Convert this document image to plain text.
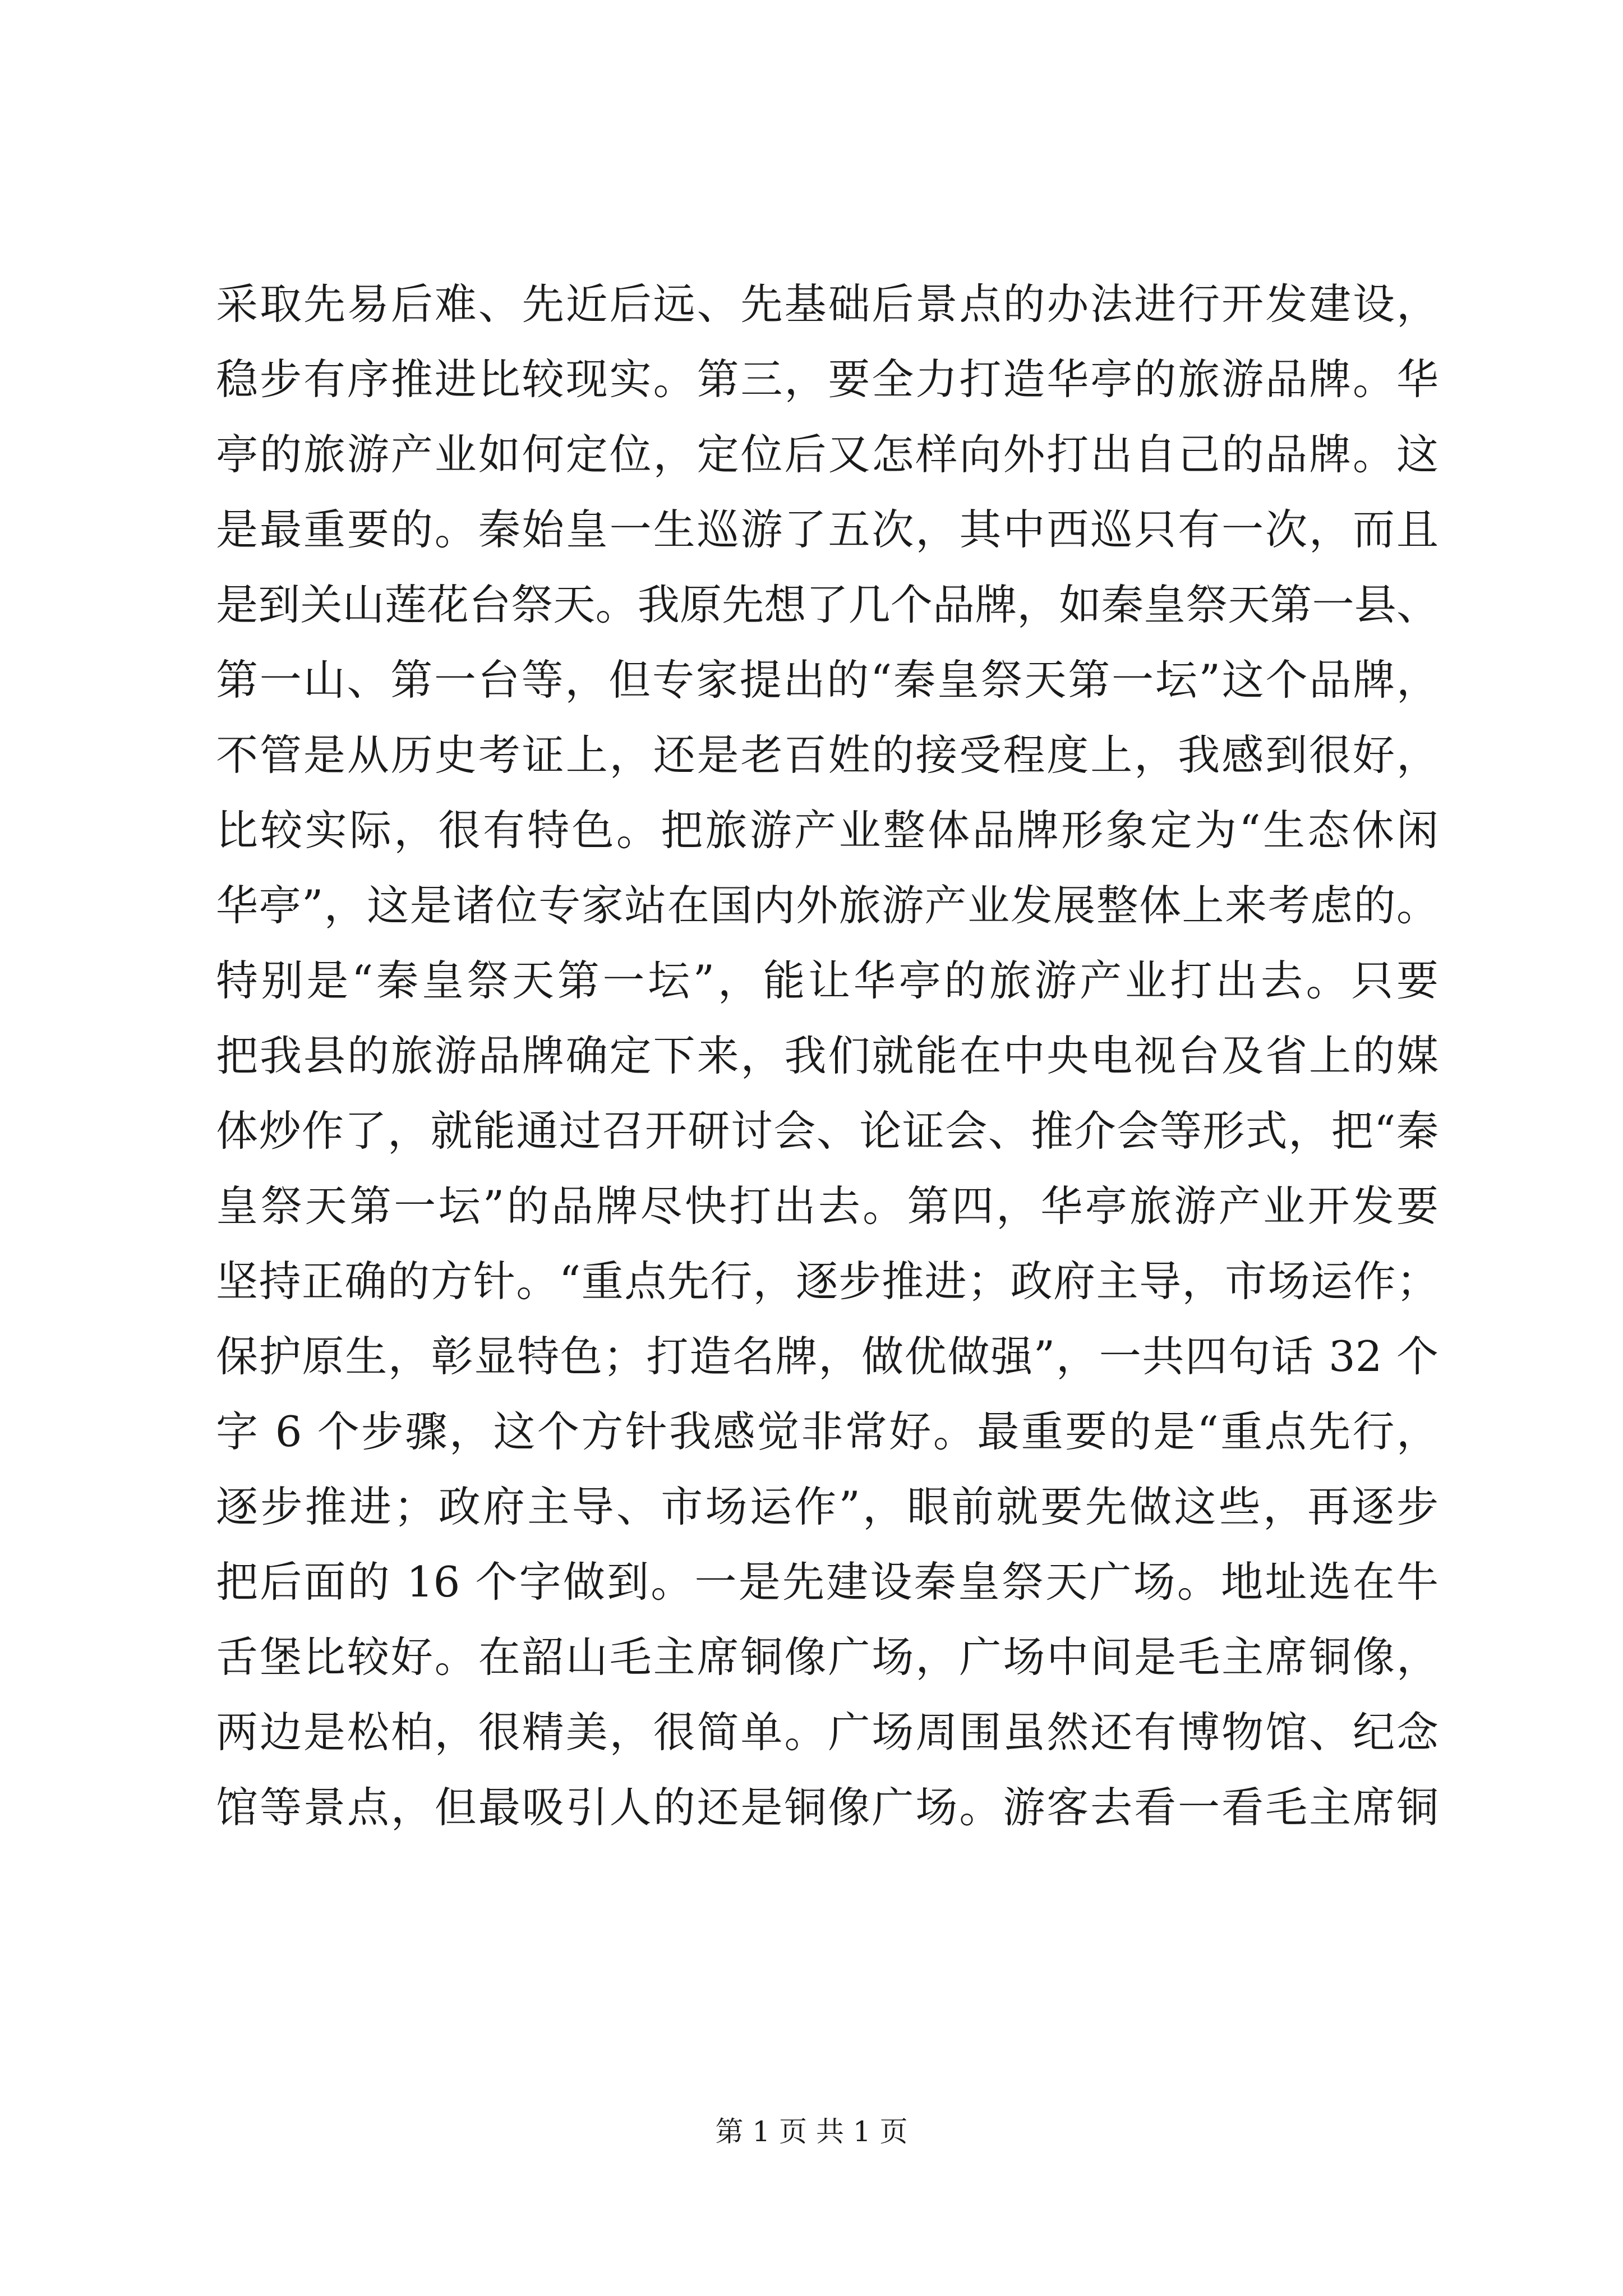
采取先易后难、先近后远、先基础后景点的办法进行开发建设，
稳步有序推进比较现实。第三，要全力打造华亭的旅游品牌。华
亭的旅游产业如何定位，定位后又怎样向外打出自己的品牌。这
是最重要的。秦始皇一生巡游了五次，其中西巡只有一次，而且
是到关山莲花台祭天。我原先想了几个品牌，如秦皇祭天第一县、
第一山、第一台等，但专家提出的“秦皇祭天第一坛”这个品牌，
不管是从历史考证上，还是老百姓的接受程度上，我感到很好，
比较实际，很有特色。把旅游产业整体品牌形象定为“生态休闲
华亭”，这是诸位专家站在国内外旅游产业发展整体上来考虑的。
特别是“秦皇祭天第一坛”，能让华亭的旅游产业打出去。只要
把我县的旅游品牌确定下来，我们就能在中央电视台及省上的媒
体炒作了，就能通过召开研讨会、论证会、推介会等形式，把“秦
皇祭天第一坛”的品牌尽快打出去。第四，华亭旅游产业开发要
坚持正确的方针。“重点先行，逐步推进；政府主导，市场运作；
保护原生，彰显特色；打造名牌，做优做强”，一共四句话 32 个
字 6 个步骤，这个方针我感觉非常好。最重要的是“重点先行，
逐步推进；政府主导、市场运作”，眼前就要先做这些，再逐步
把后面的 16 个字做到。一是先建设秦皇祭天广场。地址选在牛
舌堡比较好。在韶山毛主席铜像广场，广场中间是毛主席铜像，
两边是松柏，很精美，很简单。广场周围虽然还有博物馆、纪念
馆等景点，但最吸引人的还是铜像广场。游客去看一看毛主席铜
第 1 页 共 1 页
